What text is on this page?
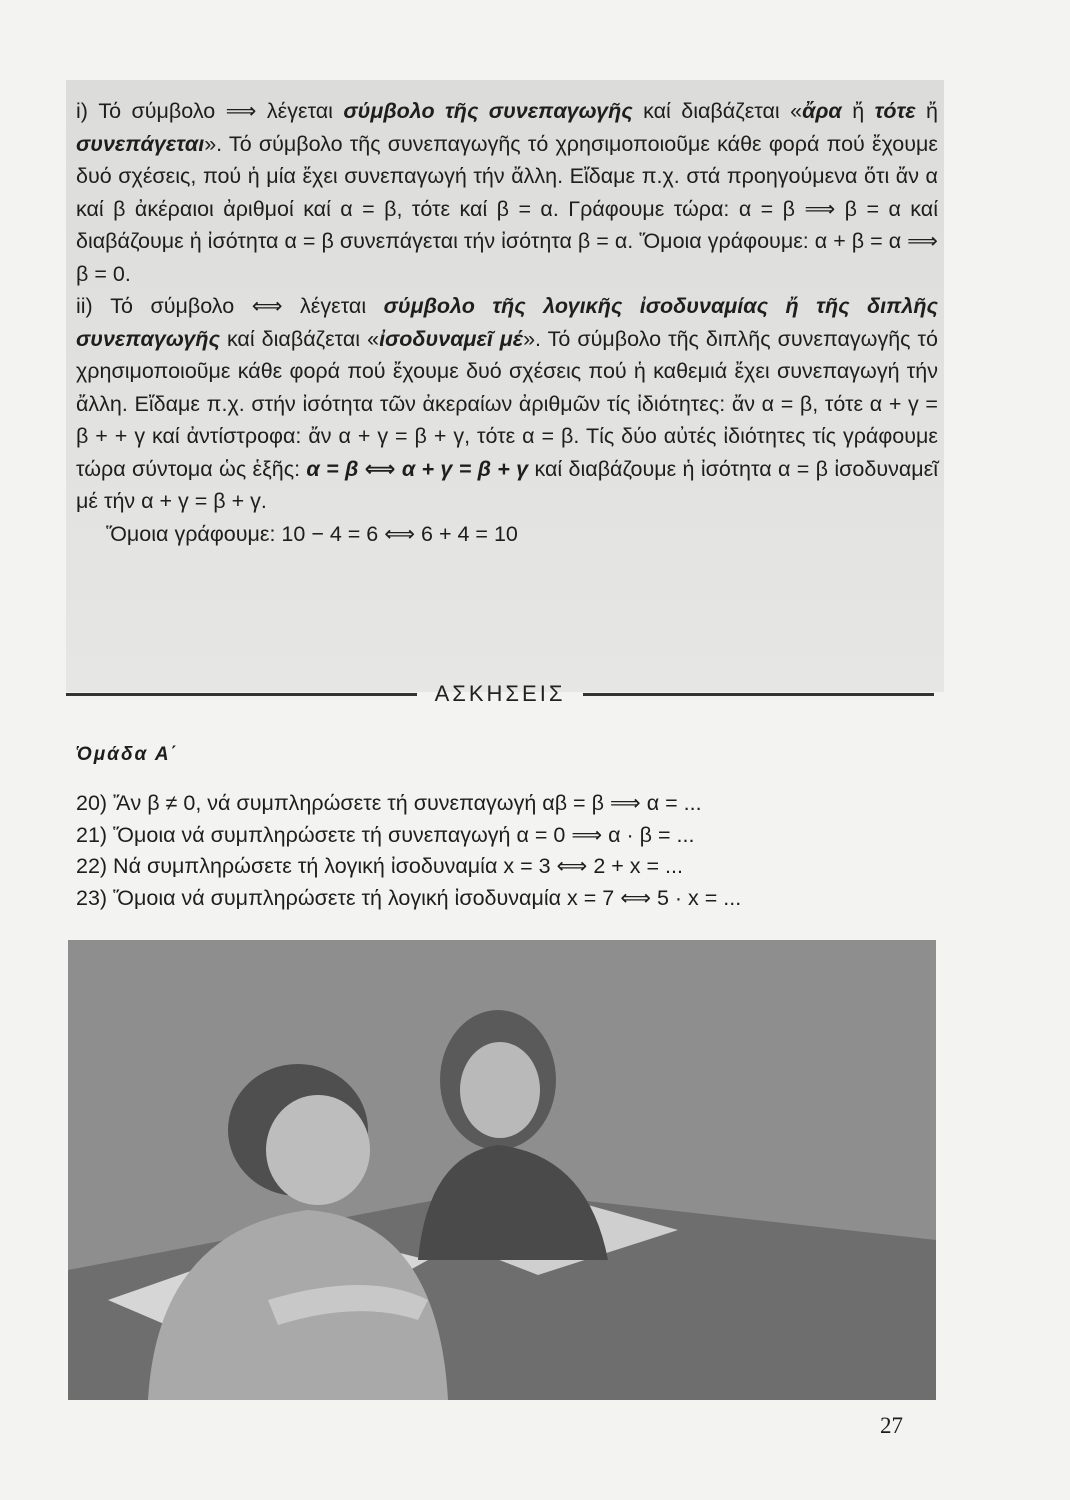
i) Τό σύμβολο ⟹ λέγεται σύμβολο τῆς συνεπαγωγῆς καί διαβάζεται «ἄρα ἤ τότε ἤ συνεπάγεται». Τό σύμβολο τῆς συνεπαγωγῆς τό χρησιμοποιοῦμε κάθε φορά πού ἔχουμε δυό σχέσεις, πού ἡ μία ἔχει συνεπαγωγή τήν ἄλλη. Εἴδαμε π.χ. στά προηγούμενα ὅτι ἄν α καί β ἀκέραιοι ἀριθμοί καί α = β, τότε καί β = α. Γράφουμε τώρα: α = β ⟹ β = α καί διαβάζουμε ἡ ἰσότητα α = β συνεπάγεται τήν ἰσότητα β = α. Ὅμοια γράφουμε: α + β = α ⟹ β = 0.

ii) Τό σύμβολο ⟺ λέγεται σύμβολο τῆς λογικῆς ἰσοδυναμίας ἤ τῆς διπλῆς συνεπαγωγῆς καί διαβάζεται «ἰσοδυναμεῖ μέ». Τό σύμβολο τῆς διπλῆς συνεπαγωγῆς τό χρησιμοποιοῦμε κάθε φορά πού ἔχουμε δυό σχέσεις πού ἡ καθεμιά ἔχει συνεπαγωγή τήν ἄλλη. Εἴδαμε π.χ. στήν ἰσότητα τῶν ἀκεραίων ἀριθμῶν τίς ἰδιότητες: ἄν α = β, τότε α + γ = β + + γ καί ἀντίστροφα: ἄν α + γ = β + γ, τότε α = β. Τίς δύο αὐτές ἰδιότητες τίς γράφουμε τώρα σύντομα ὡς ἑξῆς: α = β ⟺ α + γ = β + γ καί διαβάζουμε ἡ ἰσότητα α = β ἰσοδυναμεῖ μέ τήν α + γ = β + γ.

Ὅμοια γράφουμε: 10 − 4 = 6 ⟺ 6 + 4 = 10

ΑΣΚΗΣΕΙΣ
Ὁμάδα Α΄
20) Ἄν β ≠ 0, νά συμπληρώσετε τή συνεπαγωγή αβ = β ⟹ α = ...
21) Ὅμοια νά συμπληρώσετε τή συνεπαγωγή α = 0 ⟹ α · β = ...
22) Νά συμπληρώσετε τή λογική ἰσοδυναμία x = 3 ⟺ 2 + x = ...
23) Ὅμοια νά συμπληρώσετε τή λογική ἰσοδυναμία x = 7 ⟺ 5 · x = ...
27
